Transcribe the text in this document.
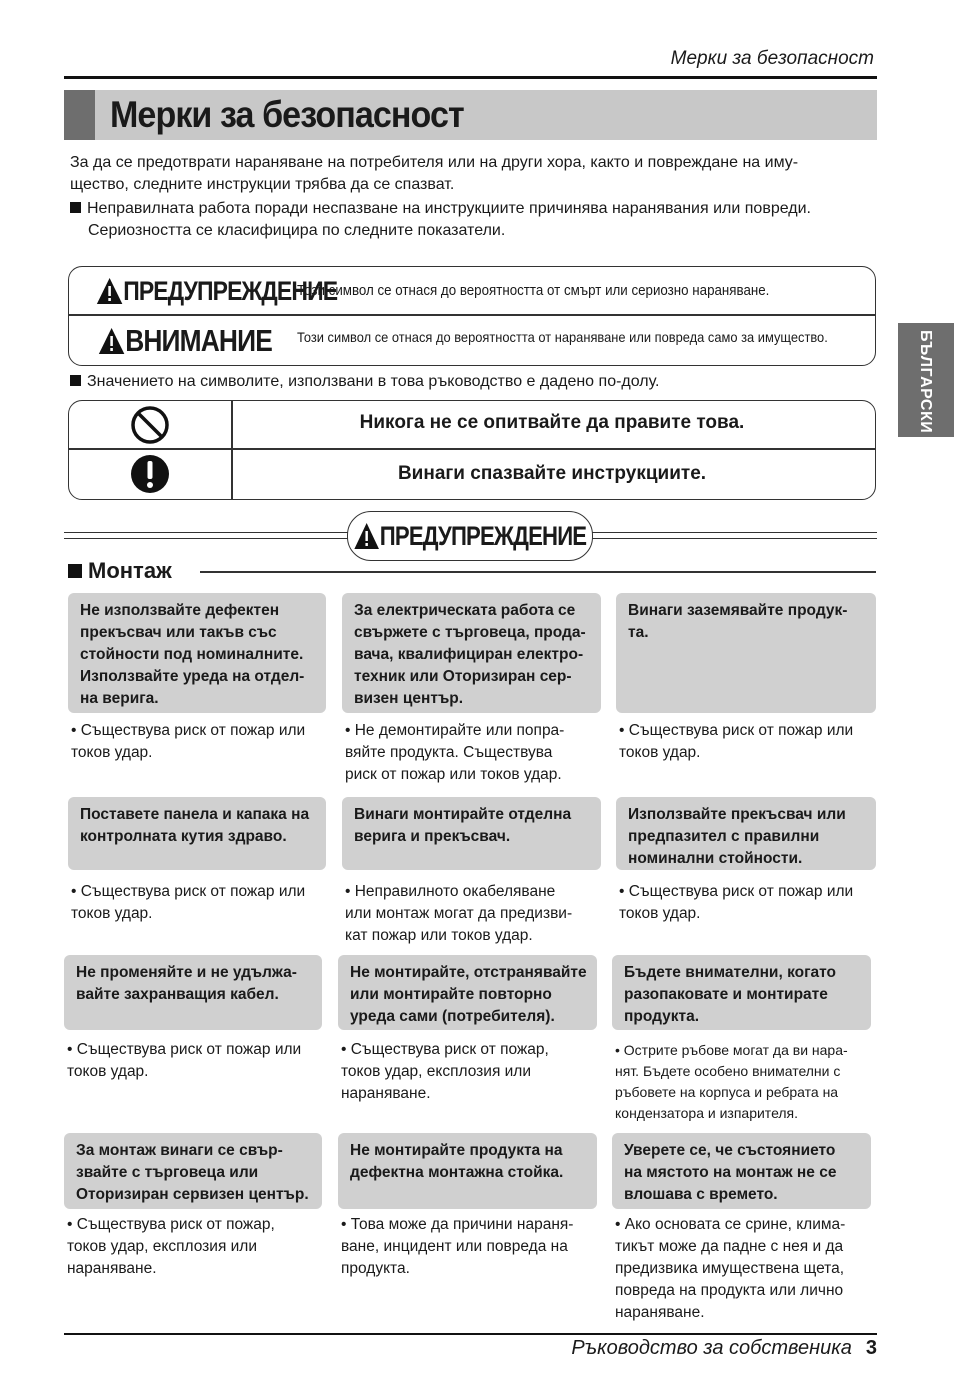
Мерки за безопасност
Мерки за безопасност
За да се предотврати нараняване на потребителя или на други хора, както и повреждане на иму-
щество, следните инструкции трябва да се спазват.
Неправилната работа поради неспазване на инструкциите причинява наранявания или повреди.
Сериозността се класифицира по следните показатели.
ПРЕДУПРЕЖДЕНИЕ
Този символ се отнася до вероятността от смърт или сериозно нараняване.
ВНИМАНИЕ Този символ се отнася до вероятността от нараняване или повреда само за имущество.
Значението на символите, използвани в това ръководство е дадено по-долу.
Никога не се опитвайте да правите това.
Винаги спазвайте инструкциите.
ПРЕДУПРЕЖДЕНИЕ
Монтаж
Не използвайте дефектен
прекъсвач или такъв със
стойности под номиналните.
Използвайте уреда на отдел-
на верига.
• Съществува риск от пожар или
токов удар.
За електрическата работа се
свържете с търговеца, прода-
вача, квалифициран електро-
техник или Оторизиран сер-
визен център.
• Не демонтирайте или попра-
вяйте продукта. Съществува
риск от пожар или токов удар.
Винаги заземявайте продук-
та.
• Съществува риск от пожар или
токов удар.
Поставете панела и капака на
контролната кутия здраво.
• Съществува риск от пожар или
токов удар.
Винаги монтирайте отделна
верига и прекъсвач.
• Неправилното окабеляване
или монтаж могат да предизви-
кат пожар или токов удар.
Използвайте прекъсвач или
предпазител с правилни
номинални стойности.
• Съществува риск от пожар или
токов удар.
Не променяйте и не удължа-
вайте захранващия кабел.
• Съществува риск от пожар или
токов удар.
Не монтирайте, отстранявайте
или монтирайте повторно
уреда сами (потребителя).
• Съществува риск от пожар,
токов удар, експлозия или
нараняване.
Бъдете внимателни, когато
разопаковате и монтирате
продукта.
• Острите ръбове могат да ви нара-
нят. Бъдете особено внимателни с
ръбовете на корпуса и ребрата на
кондензатора и изпарителя.
За монтаж винаги се свър-
звайте с търговеца или
Оторизиран сервизен център.
• Съществува риск от пожар,
токов удар, експлозия или
нараняване.
Не монтирайте продукта на
дефектна монтажна стойка.
• Това може да причини нараня-
ване, инцидент или повреда на
продукта.
Уверете се, че състоянието
на мястото на монтаж не се
влошава с времето.
• Ако основата се срине, клима-
тикът може да падне с нея и да
предизвика имуществена щета,
повреда на продукта или лично
нараняване.
БЪЛГАРСКИ
Ръководство за собственика 3
